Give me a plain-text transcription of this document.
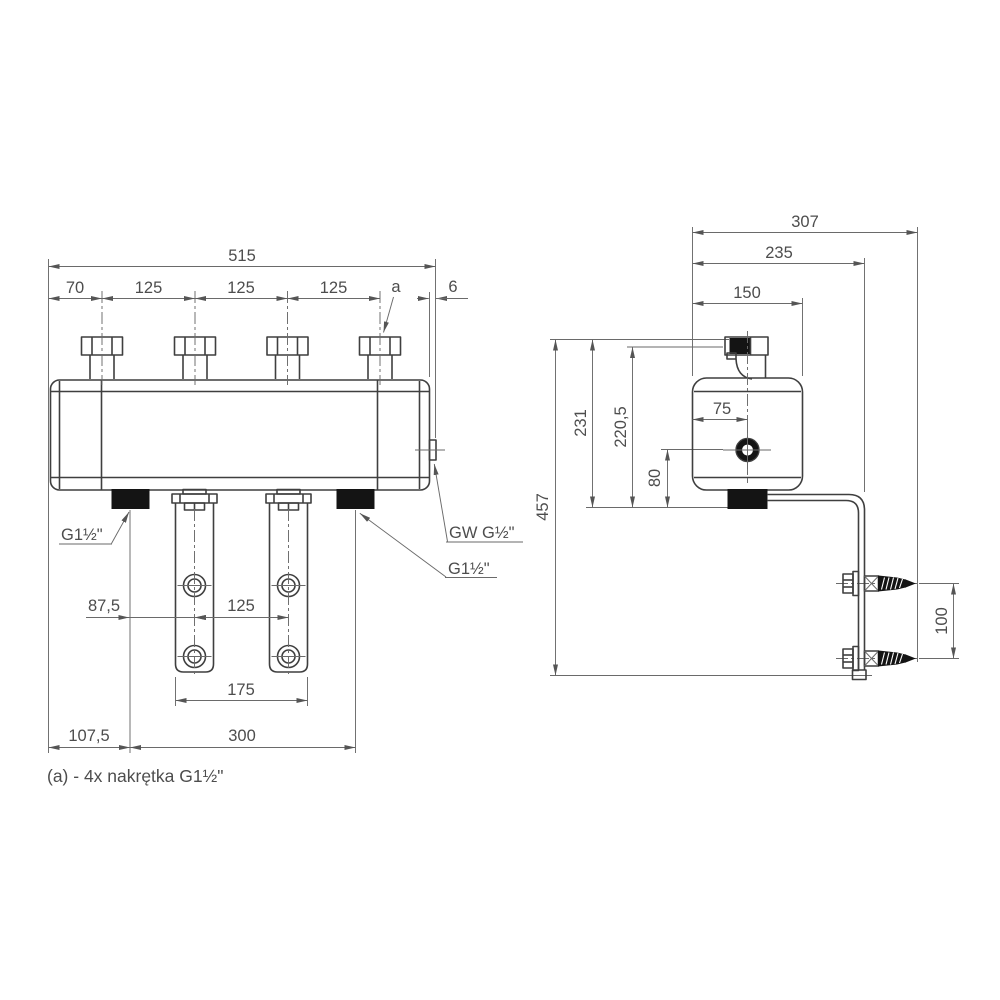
515
70	125	125	125	6
a
87,5	125
175
107,5	300
G1½"	GW G½"
G1½"
457
231 220,5
80
75
307
235
150
100
(a) - 4x nakrętka G1½"
